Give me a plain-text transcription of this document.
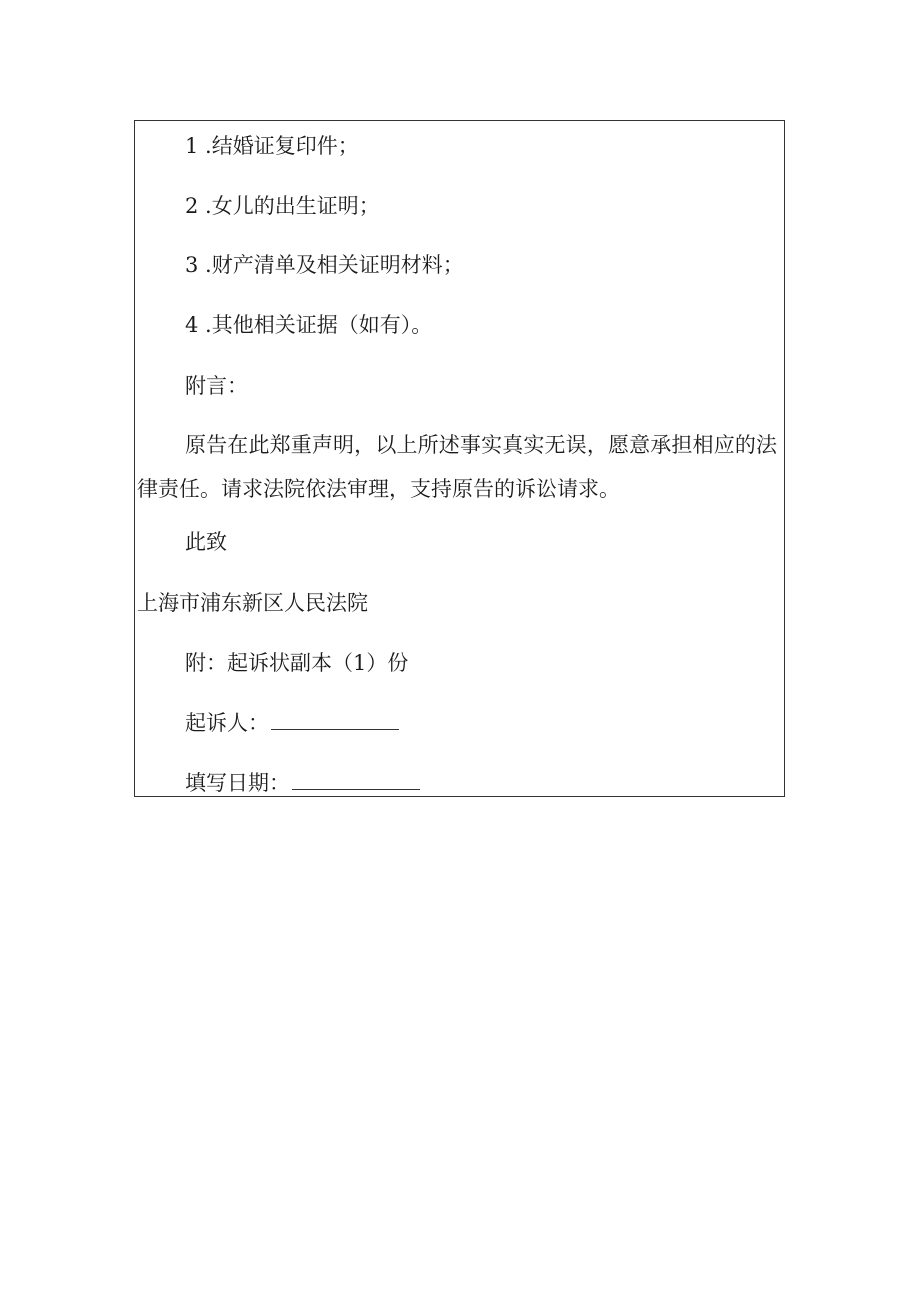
1 .结婚证复印件；
2 .女儿的出生证明；
3 .财产清单及相关证明材料；
4 .其他相关证据（如有）。
附言：
原告在此郑重声明，以上所述事实真实无误，愿意承担相应的法律责任。请求法院依法审理，支持原告的诉讼请求。
此致
上海市浦东新区人民法院
附：起诉状副本（1）份
起诉人：
填写日期：
